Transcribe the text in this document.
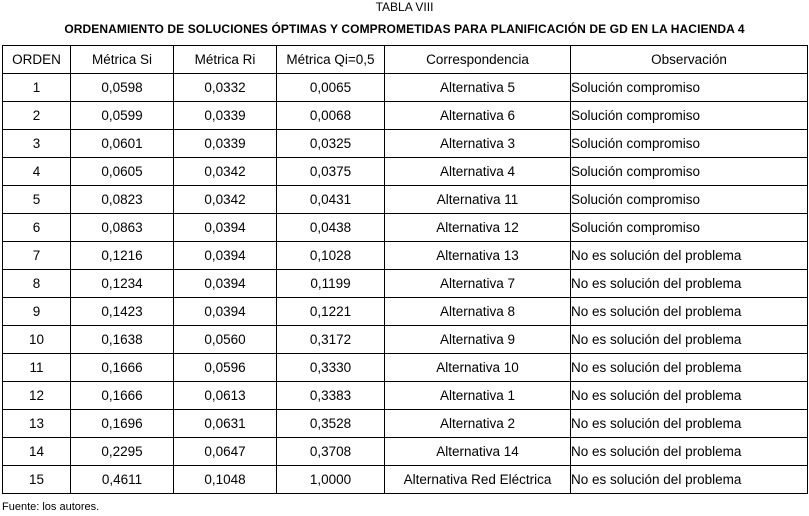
TABLA VIII
ORDENAMIENTO DE SOLUCIONES ÓPTIMAS Y COMPROMETIDAS PARA PLANIFICACIÓN DE GD EN LA HACIENDA 4
ORDEN	Métrica Si	Métrica Ri	Métrica Qi=0,5	Correspondencia	Observación
1	0,0598	0,0332	0,0065	Alternativa 5	Solución compromiso
2	0,0599	0,0339	0,0068	Alternativa 6	Solución compromiso
3	0,0601	0,0339	0,0325	Alternativa 3	Solución compromiso
4	0,0605	0,0342	0,0375	Alternativa 4	Solución compromiso
5	0,0823	0,0342	0,0431	Alternativa 11	Solución compromiso
6	0,0863	0,0394	0,0438	Alternativa 12	Solución compromiso
7	0,1216	0,0394	0,1028	Alternativa 13	No es solución del problema
8	0,1234	0,0394	0,1199	Alternativa 7	No es solución del problema
9	0,1423	0,0394	0,1221	Alternativa 8	No es solución del problema
10	0,1638	0,0560	0,3172	Alternativa 9	No es solución del problema
11	0,1666	0,0596	0,3330	Alternativa 10	No es solución del problema
12	0,1666	0,0613	0,3383	Alternativa 1	No es solución del problema
13	0,1696	0,0631	0,3528	Alternativa 2	No es solución del problema
14	0,2295	0,0647	0,3708	Alternativa 14	No es solución del problema
15	0,4611	0,1048	1,0000	Alternativa Red Eléctrica	No es solución del problema
Fuente: los autores.
